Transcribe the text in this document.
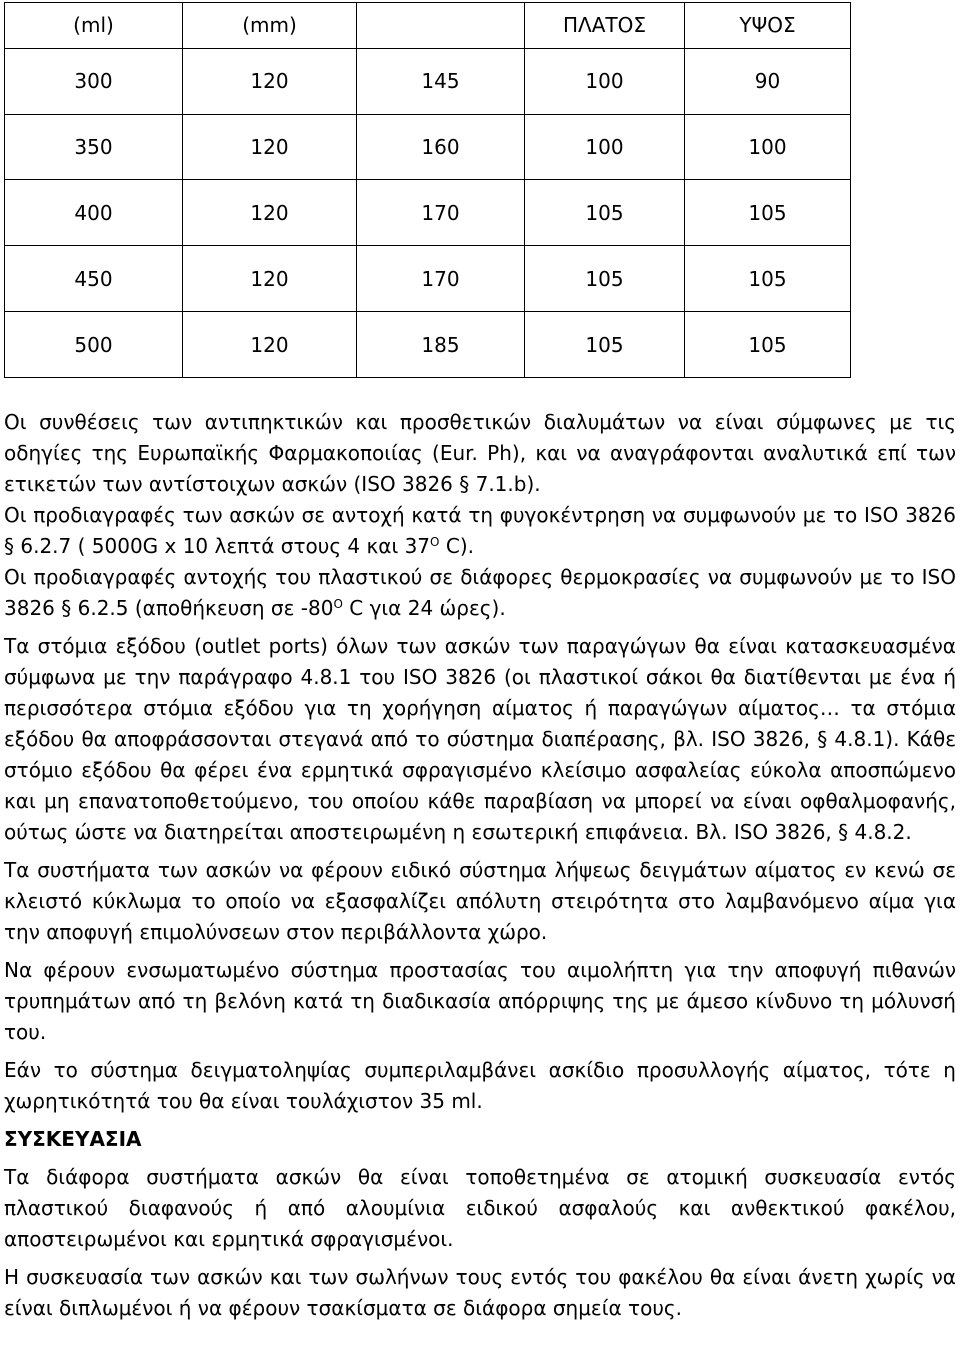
(ml)	(mm)		ΠΛΑΤΟΣ	ΥΨΟΣ
300	120	145	100	90
350	120	160	100	100
400	120	170	105	105
450	120	170	105	105
500	120	185	105	105

Οι συνθέσεις των αντιπηκτικών και προσθετικών διαλυμάτων να είναι σύμφωνες με τις οδηγίες της Ευρωπαϊκής Φαρμακοποιίας (Eur. Ph), και να αναγράφονται αναλυτικά επί των ετικετών των αντίστοιχων ασκών (ISO 3826 § 7.1.b).

Οι προδιαγραφές των ασκών σε αντοχή κατά τη φυγοκέντρηση να συμφωνούν με το ISO 3826 § 6.2.7 ( 5000G x 10 λεπτά στους 4 και $37^O$ C).

Οι προδιαγραφές αντοχής του πλαστικού σε διάφορες θερμοκρασίες να συμφωνούν με το ISO 3826 § 6.2.5 (αποθήκευση σε $-80^O$ C για 24 ώρες).

Τα στόμια εξόδου (outlet ports) όλων των ασκών των παραγώγων θα είναι κατασκευασμένα σύμφωνα με την παράγραφο 4.8.1 του ISO 3826 (οι πλαστικοί σάκοι θα διατίθενται με ένα ή περισσότερα στόμια εξόδου για τη χορήγηση αίματος ή παραγώγων αίματος… τα στόμια εξόδου θα αποφράσσονται στεγανά από το σύστημα διαπέρασης, βλ. ISO 3826, § 4.8.1). Κάθε στόμιο εξόδου θα φέρει ένα ερμητικά σφραγισμένο κλείσιμο ασφαλείας εύκολα αποσπώμενο και μη επανατοποθετούμενο, του οποίου κάθε παραβίαση να μπορεί να είναι οφθαλμοφανής, ούτως ώστε να διατηρείται αποστειρωμένη η εσωτερική επιφάνεια. Βλ. ISO 3826, § 4.8.2.

Τα συστήματα των ασκών να φέρουν ειδικό σύστημα λήψεως δειγμάτων αίματος εν κενώ σε κλειστό κύκλωμα το οποίο να εξασφαλίζει απόλυτη στειρότητα στο λαμβανόμενο αίμα για την αποφυγή επιμολύνσεων στον περιβάλλοντα χώρο.

Να φέρουν ενσωματωμένο σύστημα προστασίας του αιμολήπτη για την αποφυγή πιθανών τρυπημάτων από τη βελόνη κατά τη διαδικασία απόρριψης της με άμεσο κίνδυνο τη μόλυνσή του.

Εάν το σύστημα δειγματοληψίας συμπεριλαμβάνει ασκίδιο προσυλλογής αίματος, τότε η χωρητικότητά του θα είναι τουλάχιστον 35 ml.

ΣΥΣΚΕΥΑΣΙΑ

Τα διάφορα συστήματα ασκών θα είναι τοποθετημένα σε ατομική συσκευασία εντός πλαστικού διαφανούς ή από αλουμίνια ειδικού ασφαλούς και ανθεκτικού φακέλου, αποστειρωμένοι και ερμητικά σφραγισμένοι.

Η συσκευασία των ασκών και των σωλήνων τους εντός του φακέλου θα είναι άνετη χωρίς να είναι διπλωμένοι ή να φέρουν τσακίσματα σε διάφορα σημεία τους.
